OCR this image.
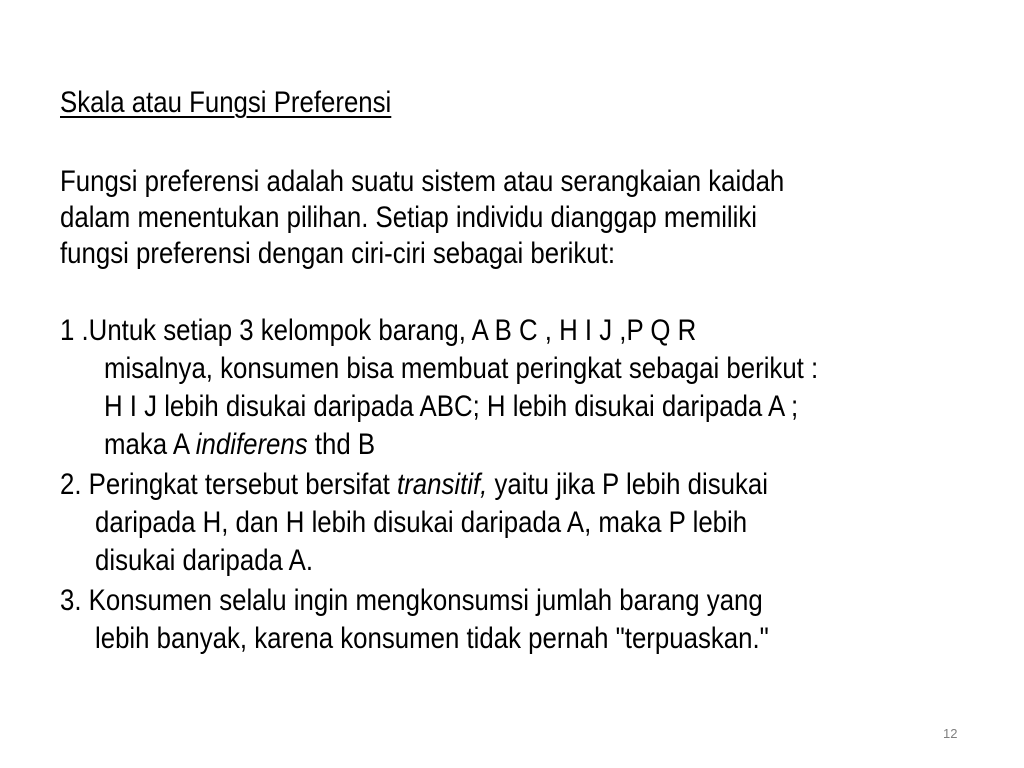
Skala atau Fungsi Preferensi
Fungsi preferensi adalah suatu sistem atau serangkaian kaidah
dalam menentukan pilihan. Setiap individu dianggap memiliki
fungsi preferensi dengan ciri-ciri sebagai berikut:
1 .Untuk setiap 3 kelompok barang, A B C , H I J ,P Q R
misalnya, konsumen bisa membuat peringkat sebagai berikut :
H I J lebih disukai daripada ABC; H lebih disukai daripada A ;
maka A indiferens thd B
2. Peringkat tersebut bersifat transitif, yaitu jika P lebih disukai
daripada H, dan H lebih disukai daripada A, maka P lebih
disukai daripada A.
3. Konsumen selalu ingin mengkonsumsi jumlah barang yang
lebih banyak, karena konsumen tidak pernah "terpuaskan."
12
